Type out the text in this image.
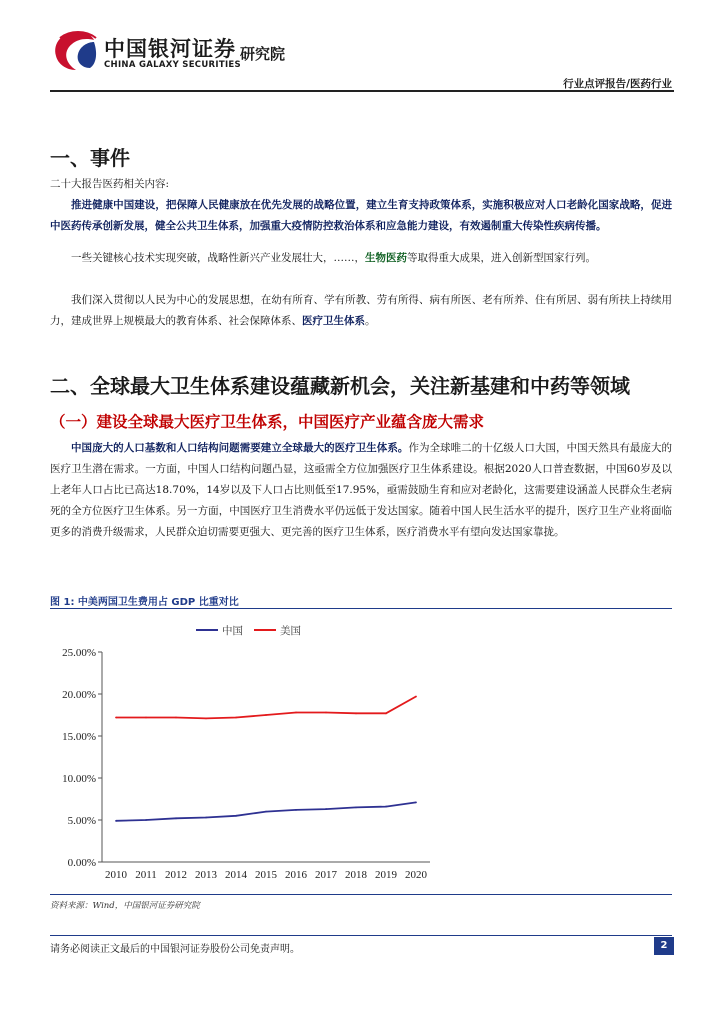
中国银河证券
CHINA GALAXY SECURITIES
研究院
行业点评报告/医药行业
一、事件
二十大报告医药相关内容:
推进健康中国建设，把保障人民健康放在优先发展的战略位置，建立生育支持政策体系，实施积极应对人口老龄化国家战略，促进中医药传承创新发展，健全公共卫生体系，加强重大疫情防控救治体系和应急能力建设，有效遏制重大传染性疾病传播。
一些关键核心技术实现突破，战略性新兴产业发展壮大，……，生物医药等取得重大成果，进入创新型国家行列。
我们深入贯彻以人民为中心的发展思想，在幼有所育、学有所教、劳有所得、病有所医、老有所养、住有所居、弱有所扶上持续用力，建成世界上规模最大的教育体系、社会保障体系、医疗卫生体系。
二、全球最大卫生体系建设蕴藏新机会，关注新基建和中药等领域
（一）建设全球最大医疗卫生体系，中国医疗产业蕴含庞大需求
中国庞大的人口基数和人口结构问题需要建立全球最大的医疗卫生体系。作为全球唯二的十亿级人口大国，中国天然具有最庞大的医疗卫生潜在需求。一方面，中国人口结构问题凸显，这亟需全方位加强医疗卫生体系建设。根据2020人口普查数据，中国60岁及以上老年人口占比已高达18.70%，14岁以及下人口占比则低至17.95%，亟需鼓励生育和应对老龄化，这需要建设涵盖人民群众生老病死的全方位医疗卫生体系。另一方面，中国医疗卫生消费水平仍远低于发达国家。随着中国人民生活水平的提升，医疗卫生产业将面临更多的消费升级需求，人民群众迫切需要更强大、更完善的医疗卫生体系，医疗消费水平有望向发达国家靠拢。
图 1: 中美两国卫生费用占 GDP 比重对比
0.00%
5.00%
10.00%
15.00%
20.00%
25.00%
2010 2011 2012 2013 2014 2015 2016 2017 2018 2019 2020
中国	美国
资料来源：Wind，中国银河证券研究院
请务必阅读正文最后的中国银河证券股份公司免责声明。	2
